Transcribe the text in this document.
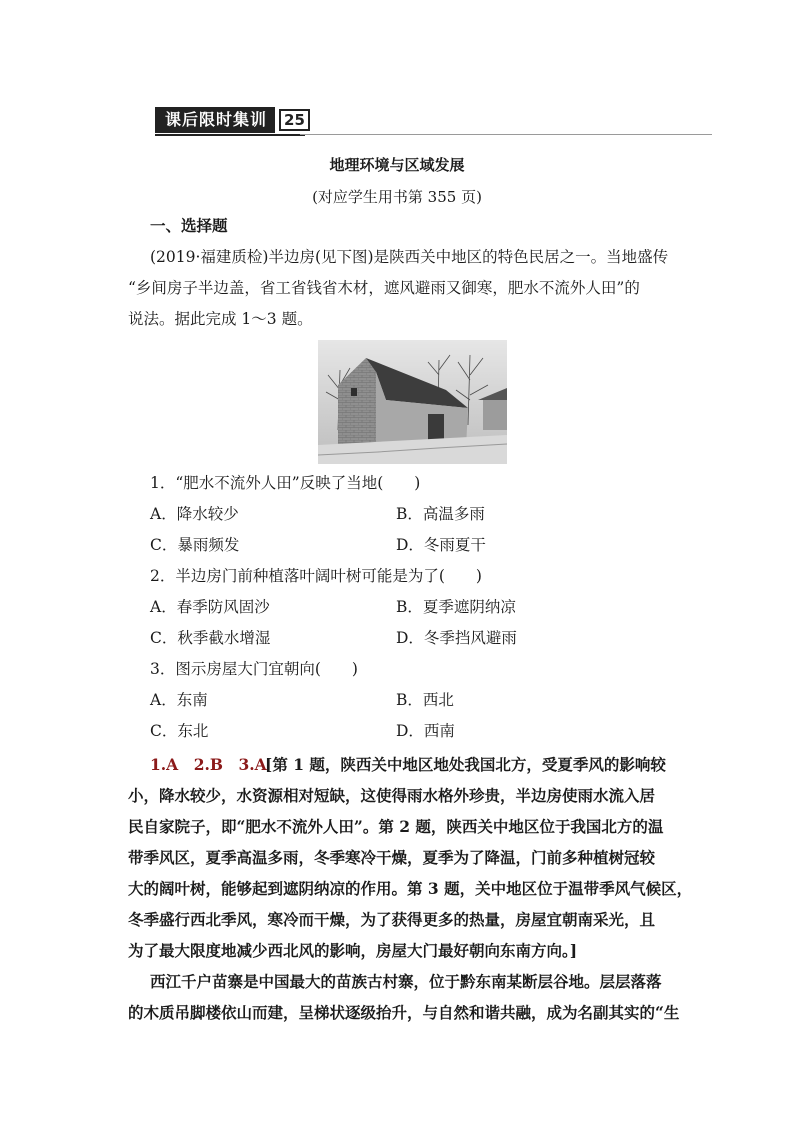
课后限时集训	25
地理环境与区域发展
(对应学生用书第 355 页)
一、选择题
(2019·福建质检)半边房(见下图)是陕西关中地区的特色民居之一。当地盛传
“乡间房子半边盖，省工省钱省木材，遮风避雨又御寒，肥水不流外人田”的
说法。据此完成 1～3 题。
1．“肥水不流外人田”反映了当地(　　)
A．降水较少	B．高温多雨
C．暴雨频发	D．冬雨夏干
2．半边房门前种植落叶阔叶树可能是为了(　　)
A．春季防风固沙	B．夏季遮阴纳凉
C．秋季截水增湿	D．冬季挡风避雨
3．图示房屋大门宜朝向(　　)
A．东南	B．西北
C．东北	D．西南
1.A　2.B　3.A
[第 1 题，陕西关中地区地处我国北方，受夏季风的影响较
小，降水较少，水资源相对短缺，这使得雨水格外珍贵，半边房使雨水流入居
民自家院子，即“肥水不流外人田”。第 2 题，陕西关中地区位于我国北方的温
带季风区，夏季高温多雨，冬季寒冷干燥，夏季为了降温，门前多种植树冠较
大的阔叶树，能够起到遮阴纳凉的作用。第 3 题，关中地区位于温带季风气候区，
冬季盛行西北季风，寒冷而干燥，为了获得更多的热量，房屋宜朝南采光，且
为了最大限度地减少西北风的影响，房屋大门最好朝向东南方向。]
西江千户苗寨是中国最大的苗族古村寨，位于黔东南某断层谷地。层层落落
的木质吊脚楼依山而建，呈梯状逐级抬升，与自然和谐共融，成为名副其实的“生
